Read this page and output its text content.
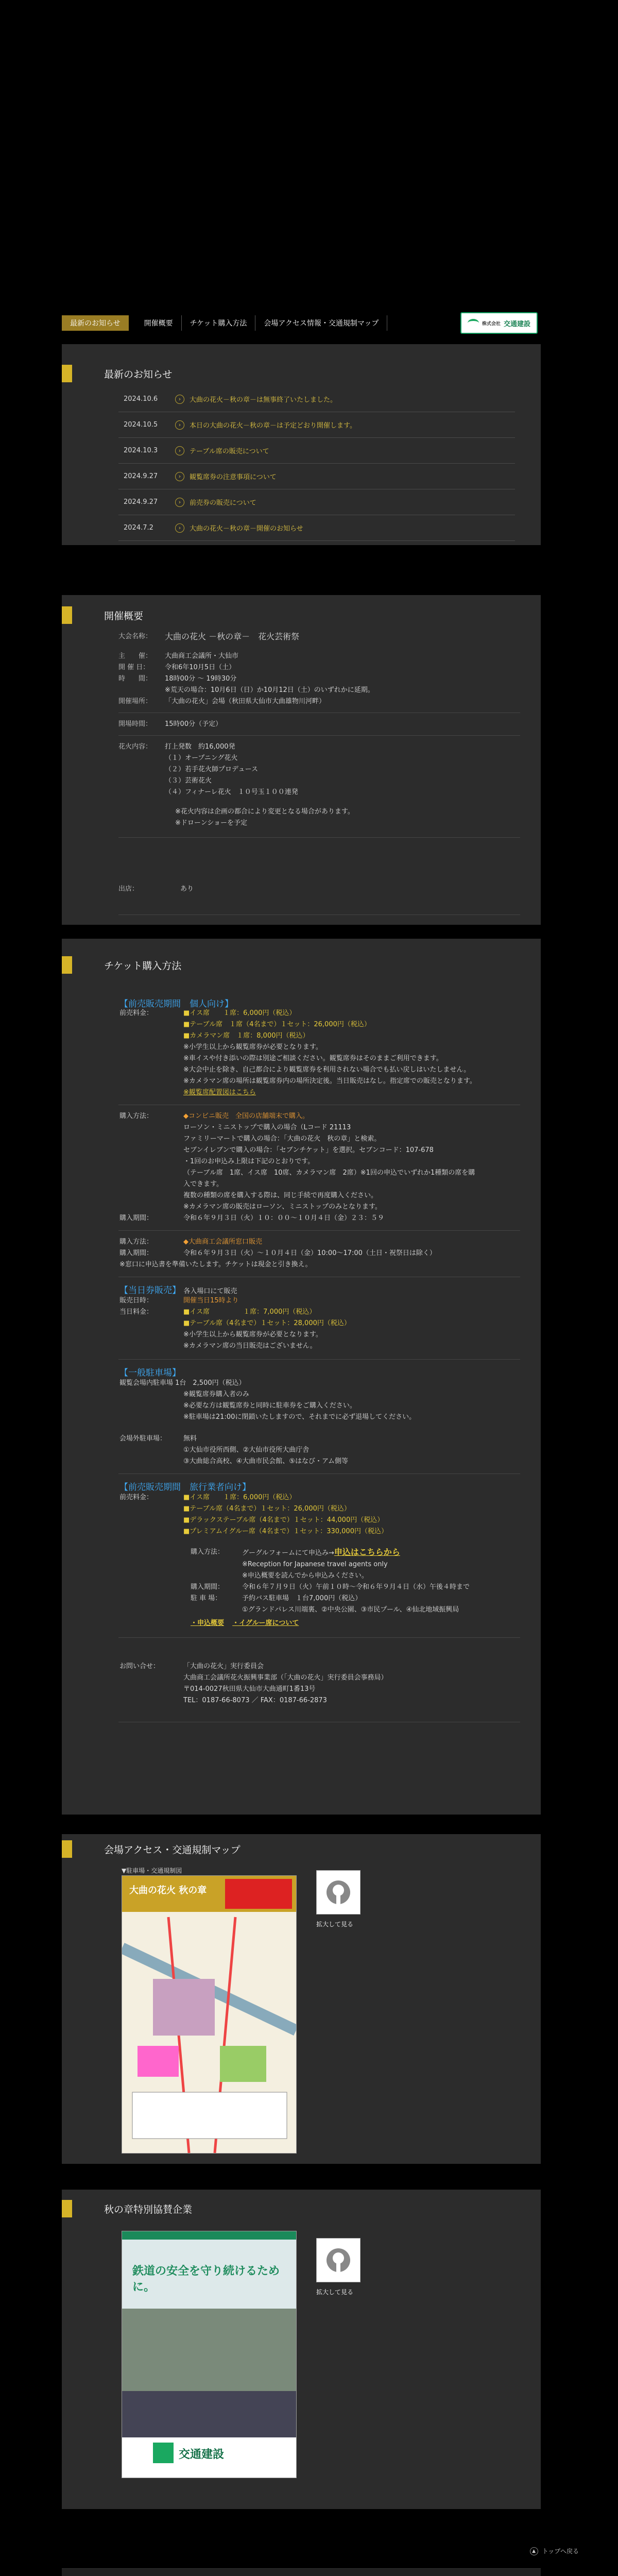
最新のお知らせ	開催概要	チケット購入方法	会場アクセス情報・交通規制マップ	株式会社 交通建設
最新のお知らせ
2024.10.6	›	大曲の花火－秋の章－は無事終了いたしました。
2024.10.5	›	本日の大曲の花火－秋の章－は予定どおり開催します。
2024.10.3	›	テーブル席の販売について
2024.9.27	›	観覧席券の注意事項について
2024.9.27	›	前売券の販売について
2024.7.2	›	大曲の花火－秋の章－開催のお知らせ
開催概要
大会名称：	大曲の花火 －秋の章－　花火芸術祭
主　　催：	大曲商工会議所・大仙市
開 催 日：	令和6年10月5日（土）
時　　間：	18時00分 ～ 19時30分
※荒天の場合：10月6日（日）か10月12日（土）のいずれかに延期。
開催場所：	「大曲の花火」会場（秋田県大仙市大曲雄物川河畔）
開場時間：	15時00分（予定）
花火内容：	打上発数　約16,000発
（１）オープニング花火
（２）若手花火師プロデュース
（３）芸術花火
（４）フィナーレ花火　１０号玉１００連発
※花火内容は企画の都合により変更となる場合があります。
※ドローンショーを予定
出店：	あり
チケット購入方法
【前売販売期間　個人向け】
前売料金：	■イス席　　１席：6,000円（税込）
■テーブル席　１席（4名まで）１セット：26,000円（税込）
■カメラマン席　１席：8,000円（税込）
※小学生以上から観覧席券が必要となります。
※車イスや付き添いの際は別途ご相談ください。観覧席券はそのままご利用できます。
※大会中止を除き、自己都合により観覧席券を利用されない場合でも払い戻しはいたしません。
※カメラマン席の場所は観覧席券内の場所決定後。当日販売はなし。指定席での販売となります。
※観覧席配置図はこちら
購入方法：	◆コンビニ販売　全国の店舗端末で購入。
ローソン・ミニストップで購入の場合（Lコード 21113
ファミリーマートで購入の場合：「大曲の花火　秋の章」と検索。
セブンイレブンで購入の場合：「セブンチケット」を選択。セブンコード：107-678
・1回のお申込み上限は下記のとおりです。
（テーブル席　1席、イス席　10席、カメラマン席　2席）※1回の申込でいずれか1種類の席を購
入できます。
複数の種類の席を購入する際は、同じ手続で再度購入ください。
※カメラマン席の販売はローソン、ミニストップのみとなります。
購入期間：	令和６年９月３日（火）１０：００～１０月４日（金）２３：５９
購入方法：	◆大曲商工会議所窓口販売
購入期間：	令和６年９月３日（火）～１０月４日（金）10:00～17:00（土日・祝祭日は除く）
※窓口に申込書を準備いたします。チケットは現金と引き換え。
【当日券販売】 各入場口にて販売
販売日時：	開催当日15時より
当日料金：	■イス席　　　　　１席：7,000円（税込）
■テーブル席（4名まで）１セット：28,000円（税込）
※小学生以上から観覧席券が必要となります。
※カメラマン席の当日販売はございません。
【一般駐車場】
観覧会場内駐車場 1台　2,500円（税込）
※観覧席券購入者のみ
※必要な方は観覧席券と同時に駐車券をご購入ください。
※駐車場は21:00に閉鎖いたしますので、それまでに必ず退場してください。
会場外駐車場：	無料
①大仙市役所西側、②大仙市役所大曲庁舎
③大曲総合高校、④大曲市民会館、⑤はなび・アム側等
【前売販売期間　旅行業者向け】
前売料金：	■イス席　　１席：6,000円（税込）
■テーブル席（4名まで）１セット：26,000円（税込）
■デラックステーブル席（4名まで）１セット：44,000円（税込）
■プレミアムイグルー席（4名まで）１セット：330,000円（税込）
購入方法：	グーグルフォームにて申込み→申込はこちらから
※Reception for Japanese travel agents only
※申込概要を読んでから申込みください。
購入期間：	令和６年７月９日（火）午前１０時～令和６年９月４日（水）午後４時まで
駐 車 場：	予約バス駐車場　１台7,000円（税込）
①グランドパレス川端裏、②中央公園、③市民プール、④仙北地域振興局
・申込概要 ・イグルー席について
お問い合せ：	「大曲の花火」実行委員会
大曲商工会議所花火振興事業部（「大曲の花火」実行委員会事務局）
〒014-0027秋田県大仙市大曲通町1番13号
TEL：0187-66-8073 ／ FAX：0187-66-2873
会場アクセス・交通規制マップ
▼駐車場・交通規制図
大曲の花火 秋の章
拡大して見る
秋の章特別協賛企業
鉄道の安全を守り続けるために。
交通建設
拡大して見る
▲	トップへ戻る
